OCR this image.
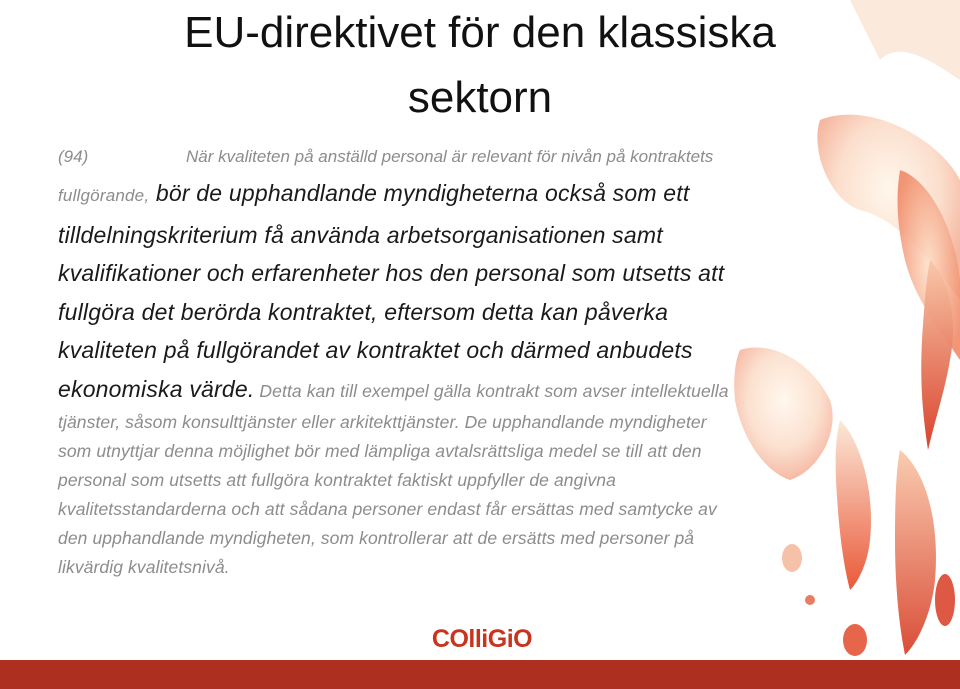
EU-direktivet för den klassiska
sektorn
(94)	När kvaliteten på anställd personal är relevant för nivån på kontraktets
fullgörande, bör de upphandlande myndigheterna också som ett
tilldelningskriterium få använda arbetsorganisationen samt
kvalifikationer och erfarenheter hos den personal som utsetts att
fullgöra det berörda kontraktet, eftersom detta kan påverka
kvaliteten på fullgörandet av kontraktet och därmed anbudets
ekonomiska värde. Detta kan till exempel gälla kontrakt som avser intellektuella
tjänster, såsom konsulttjänster eller arkitekttjänster. De upphandlande myndigheter
som utnyttjar denna möjlighet bör med lämpliga avtalsrättsliga medel se till att den
personal som utsetts att fullgöra kontraktet faktiskt uppfyller de angivna
kvalitetsstandarderna och att sådana personer endast får ersättas med samtycke av
den upphandlande myndigheten, som kontrollerar att de ersätts med personer på
likvärdig kvalitetsnivå.
COlliGiO
